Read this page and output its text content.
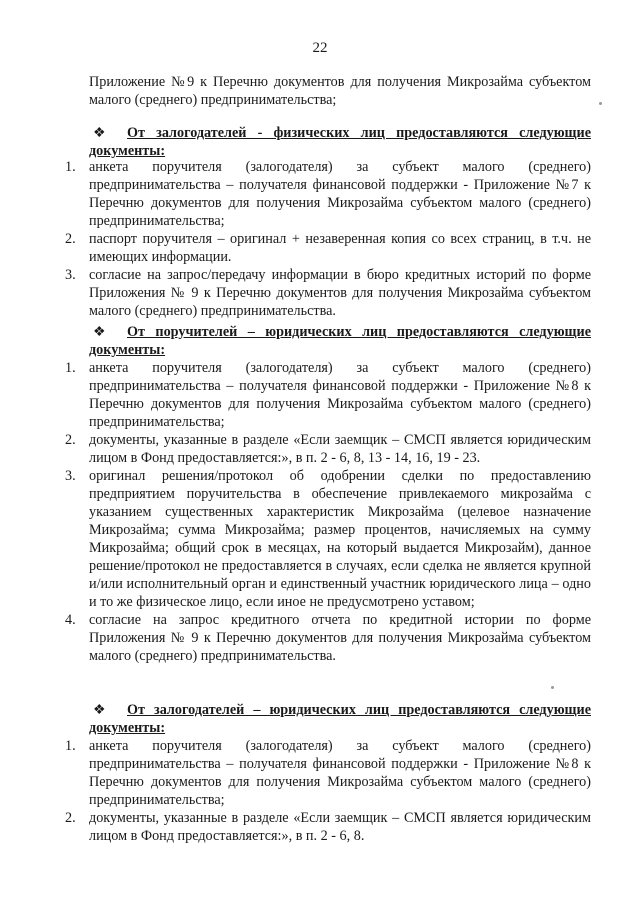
22
Приложение №9 к Перечню документов для получения Микрозайма субъектом малого (среднего) предпринимательства;
❖ От залогодателей - физических лиц предоставляются следующие документы:
1. анкета поручителя (залогодателя) за субъект малого (среднего) предпринимательства – получателя финансовой поддержки - Приложение №7 к Перечню документов для получения Микрозайма субъектом малого (среднего) предпринимательства;
2. паспорт поручителя – оригинал + незаверенная копия со всех страниц, в т.ч. не имеющих информации.
3. согласие на запрос/передачу информации в бюро кредитных историй по форме Приложения № 9 к Перечню документов для получения Микрозайма субъектом малого (среднего) предпринимательства.
❖ От поручителей – юридических лиц предоставляются следующие документы:
1. анкета поручителя (залогодателя) за субъект малого (среднего) предпринимательства – получателя финансовой поддержки - Приложение №8 к Перечню документов для получения Микрозайма субъектом малого (среднего) предпринимательства;
2. документы, указанные в разделе «Если заемщик – СМСП является юридическим лицом в Фонд предоставляется:», в п. 2 - 6, 8, 13 - 14, 16, 19 - 23.
3. оригинал решения/протокол об одобрении сделки по предоставлению предприятием поручительства в обеспечение привлекаемого микрозайма с указанием существенных характеристик Микрозайма (целевое назначение Микрозайма; сумма Микрозайма; размер процентов, начисляемых на сумму Микрозайма; общий срок в месяцах, на который выдается Микрозайм), данное решение/протокол не предоставляется в случаях, если сделка не является крупной и/или исполнительный орган и единственный участник юридического лица – одно и то же физическое лицо, если иное не предусмотрено уставом;
4. согласие на запрос кредитного отчета по кредитной истории по форме Приложения № 9 к Перечню документов для получения Микрозайма субъектом малого (среднего) предпринимательства.
❖ От залогодателей – юридических лиц предоставляются следующие документы:
1. анкета поручителя (залогодателя) за субъект малого (среднего) предпринимательства – получателя финансовой поддержки - Приложение №8 к Перечню документов для получения Микрозайма субъектом малого (среднего) предпринимательства;
2. документы, указанные в разделе «Если заемщик – СМСП является юридическим лицом в Фонд предоставляется:», в п. 2 - 6, 8.
